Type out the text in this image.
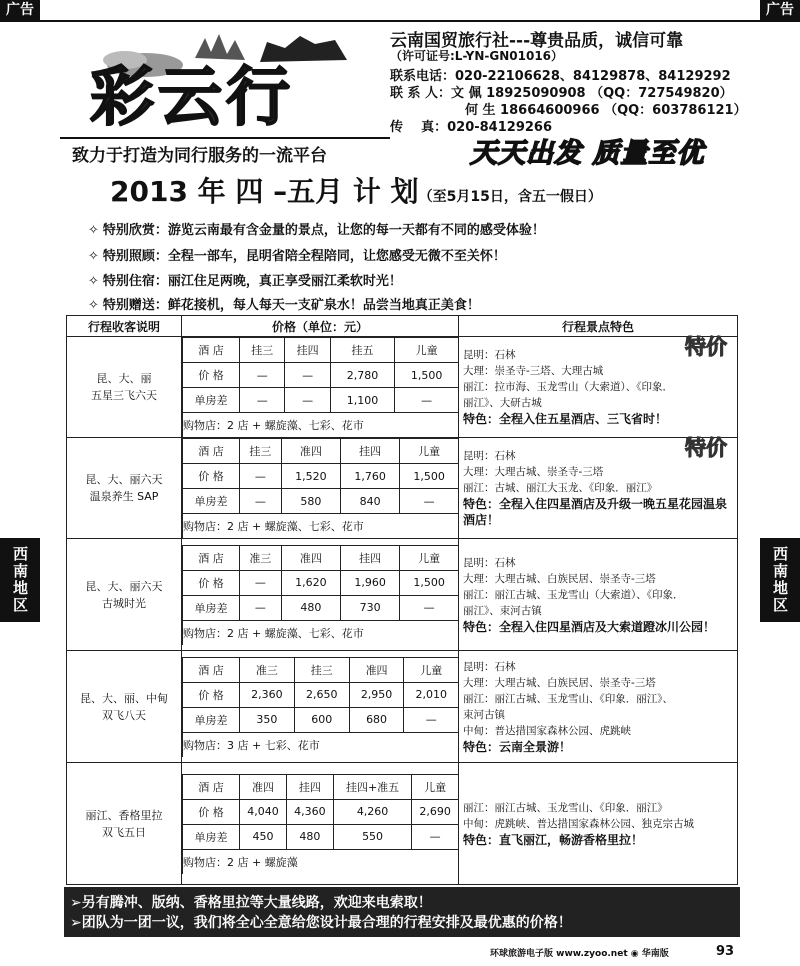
广告	广告
彩云行
云南国贸旅行社---尊贵品质，诚信可靠
（许可证号:L-YN-GN01016）
联系电话：020-22106628、84129878、84129292
联 系 人：文 佩 18925090908 （QQ：727549820）
何 生 18664600966 （QQ：603786121）
传    真：020-84129266
致力于打造为同行服务的一流平台	天天出发 质量至优
2013 年 四 –五月 计 划（至5月15日，含五一假日）
✧ 特别欣赏：游览云南最有含金量的景点，让您的每一天都有不同的感受体验！
✧ 特别照顾：全程一部车，昆明省陪全程陪同，让您感受无微不至关怀！
✧ 特别住宿：丽江住足两晚，真正享受丽江柔软时光！
✧ 特别赠送：鲜花接机，每人每天一支矿泉水！品尝当地真正美食！
西南地区	西南地区
行程收客说明	价格（单位：元）	行程景点特色

昆、大、丽
五星三飞六天

酒 店	挂三	挂四	挂五	儿童
价 格	—	—	2,780	1,500
单房差	—	—	1,100	—
购物店：2 店 + 螺旋藻、七彩、花市

特价
昆明：石林
大理：崇圣寺-三塔、大理古城
丽江：拉市海、玉龙雪山（大索道）、《印象．
丽江》、大研古城
特色：全程入住五星酒店、三飞省时！

昆、大、丽六天
温泉养生 SAP

酒 店	挂三	准四	挂四	儿童
价 格	—	1,520	1,760	1,500
单房差	—	580	840	—
购物店：2 店 + 螺旋藻、七彩、花市

特价
昆明：石林
大理：大理古城、崇圣寺-三塔
丽江：古城、丽江大玉龙、《印象．丽江》
特色：全程入住四星酒店及升级一晚五星花园温泉酒店！

昆、大、丽六天
古城时光

酒 店	准三	准四	挂四	儿童
价 格	—	1,620	1,960	1,500
单房差	—	480	730	—
购物店：2 店 + 螺旋藻、七彩、花市

昆明：石林
大理：大理古城、白族民居、崇圣寺-三塔
丽江：丽江古城、玉龙雪山（大索道）、《印象．
丽江》、束河古镇
特色：全程入住四星酒店及大索道蹬冰川公园！

昆、大、丽、中甸
双飞八天

酒 店	准三	挂三	准四	儿童
价 格	2,360	2,650	2,950	2,010
单房差	350	600	680	—
购物店：3 店 + 七彩、花市

昆明：石林
大理：大理古城、白族民居、崇圣寺-三塔
丽江：丽江古城、玉龙雪山、《印象．丽江》、
束河古镇
中甸：普达措国家森林公园、虎跳峡
特色：云南全景游！

丽江、香格里拉
双飞五日

酒 店	准四	挂四	挂四+准五	儿童
价 格	4,040	4,360	4,260	2,690
单房差	450	480	550	—
购物店：2 店 + 螺旋藻

丽江：丽江古城、玉龙雪山、《印象．丽江》
中甸：虎跳峡、普达措国家森林公园、独克宗古城
特色：直飞丽江，畅游香格里拉！
➢另有腾冲、版纳、香格里拉等大量线路，欢迎来电索取！
➢团队为一团一议，我们将全心全意给您设计最合理的行程安排及最优惠的价格！
环球旅游电子版 www.zyoo.net ◉ 华南版	93
